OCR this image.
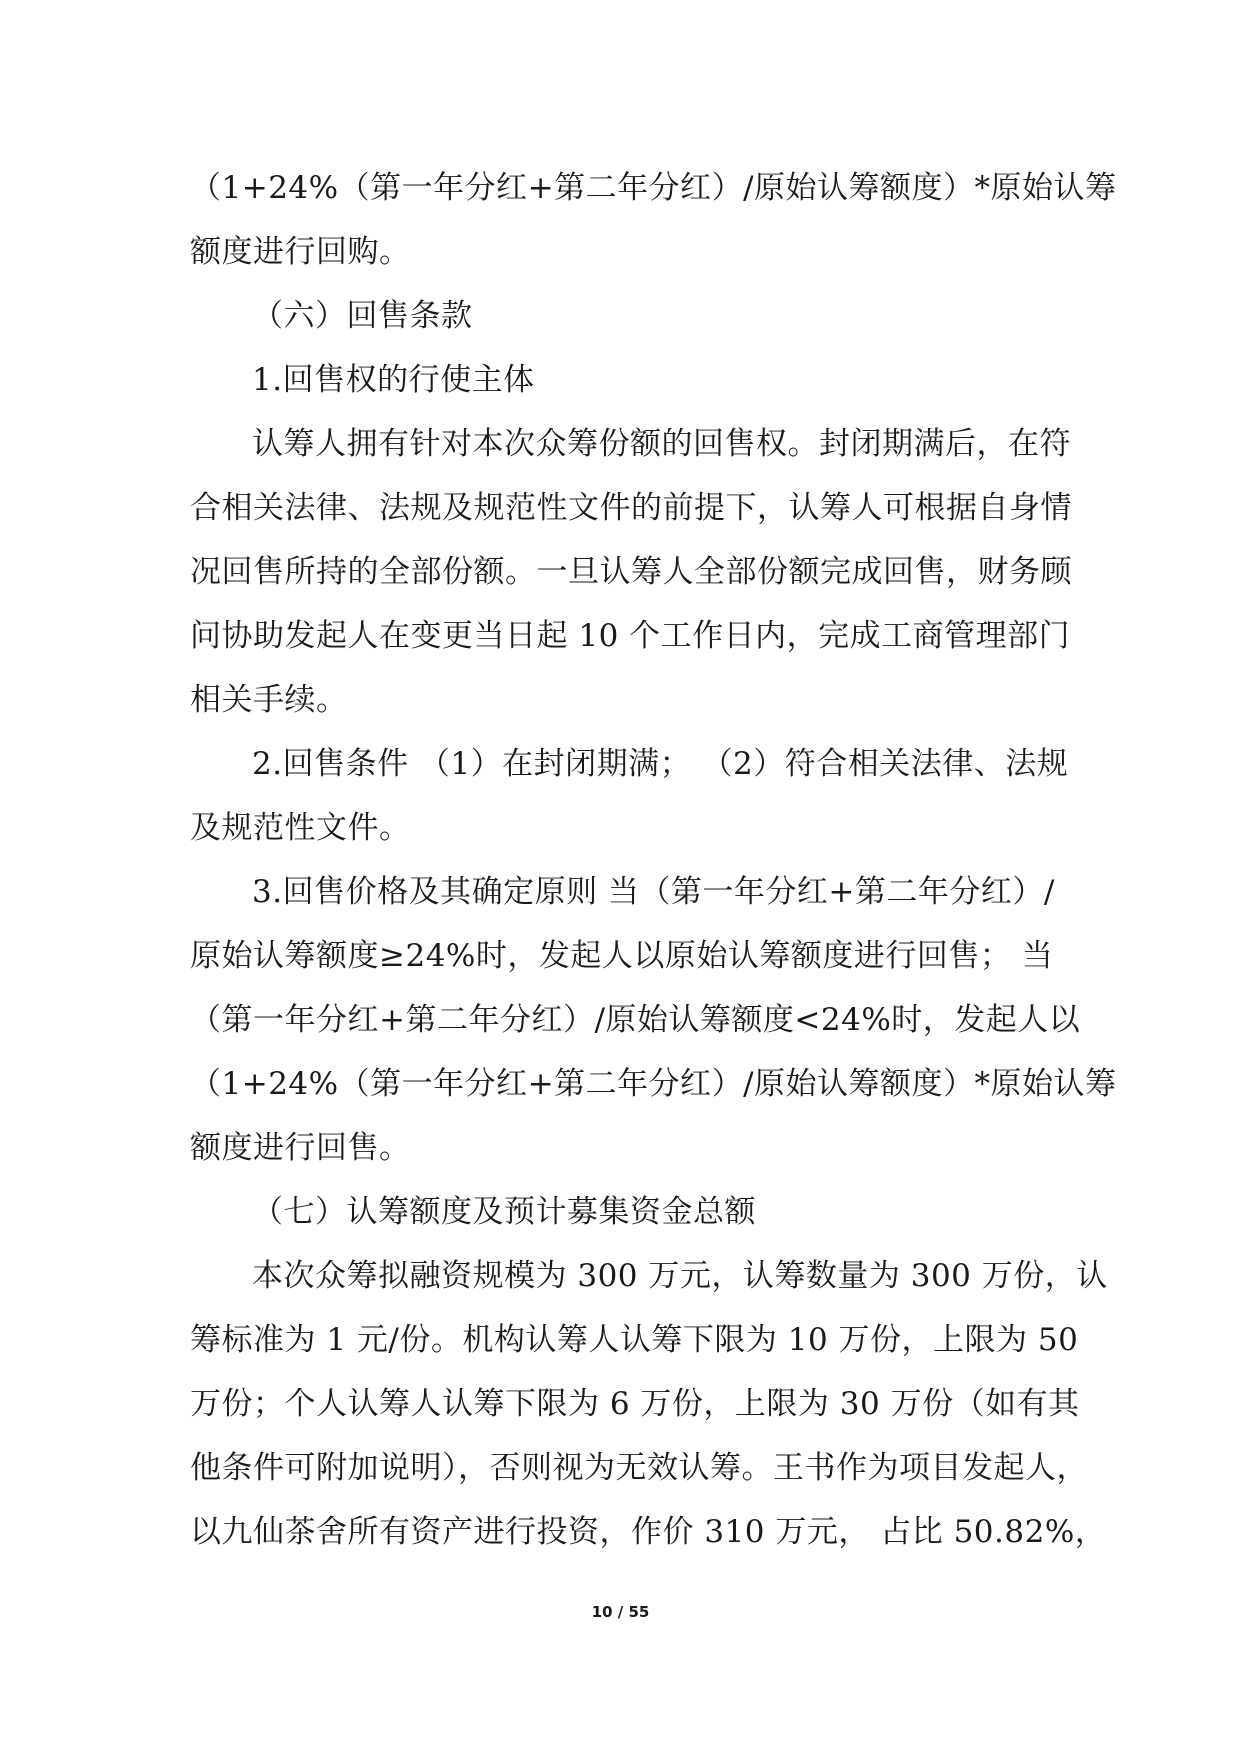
（1+24%（第一年分红+第二年分红）/原始认筹额度）*原始认筹
额度进行回购。
（六）回售条款
1.回售权的行使主体
认筹人拥有针对本次众筹份额的回售权。封闭期满后，在符
合相关法律、法规及规范性文件的前提下，认筹人可根据自身情
况回售所持的全部份额。一旦认筹人全部份额完成回售，财务顾
问协助发起人在变更当日起 10 个工作日内，完成工商管理部门
相关手续。
2.回售条件 （1）在封闭期满； （2）符合相关法律、法规
及规范性文件。
3.回售价格及其确定原则 当（第一年分红+第二年分红）/
原始认筹额度≥24%时，发起人以原始认筹额度进行回售； 当
（第一年分红+第二年分红）/原始认筹额度<24%时，发起人以
（1+24%（第一年分红+第二年分红）/原始认筹额度）*原始认筹
额度进行回售。
（七）认筹额度及预计募集资金总额
本次众筹拟融资规模为 300 万元，认筹数量为 300 万份，认
筹标准为 1 元/份。机构认筹人认筹下限为 10 万份，上限为 50
万份；个人认筹人认筹下限为 6 万份，上限为 30 万份（如有其
他条件可附加说明），否则视为无效认筹。王书作为项目发起人，
以九仙茶舍所有资产进行投资，作价 310 万元， 占比 50.82%，
10 / 55
